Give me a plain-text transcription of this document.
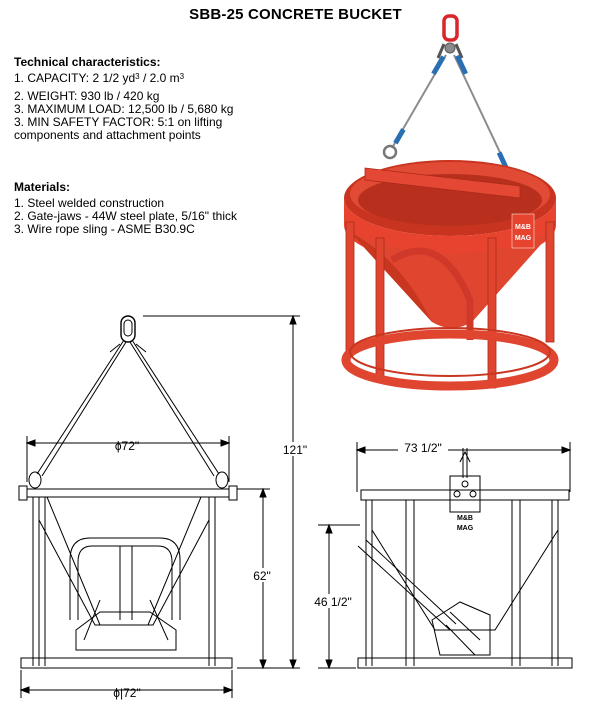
SBB-25 CONCRETE BUCKET
Technical characteristics:
1. CAPACITY: 2 1/2 $yd^3 / 2.0$ $m^3$
2. WEIGHT: 930 lb / 420 kg
3. MAXIMUM LOAD: 12,500 lb / 5,680 kg
3. MIN SAFETY FACTOR: 5:1 on lifting
components and attachment points
Materials:
1. Steel welded construction
2. Gate-jaws - 44W steel plate, 5/16" thick
3. Wire rope sling - ASME B30.9C	M&B
MAG
ϕ72"
ϕ|72"
121"
62"
73 1/2"
M&B
MAG
46 1/2"
